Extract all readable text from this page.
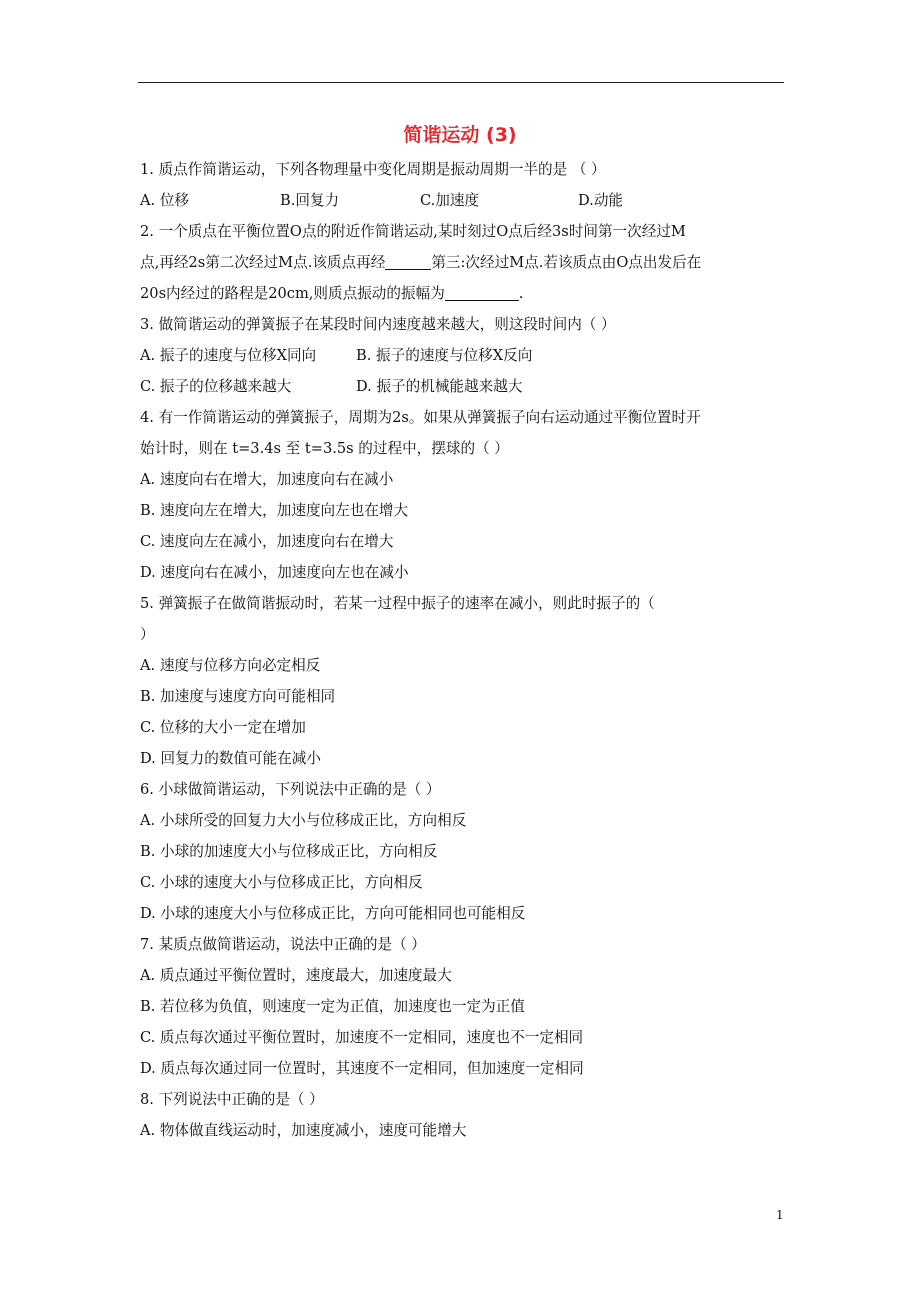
简谐运动 (3)
1. 质点作简谐运动，下列各物理量中变化周期是振动周期一半的是 （ ）
A. 位移	B.回复力	C.加速度	D.动能
2. 一个质点在平衡位置O点的附近作简谐运动,某时刻过O点后经3s时间第一次经过M
点,再经2s第二次经过M点.该质点再经	第三:次经过M点.若该质点由O点出发后在
20s内经过的路程是20cm,则质点振动的振幅为	.
3. 做简谐运动的弹簧振子在某段时间内速度越来越大，则这段时间内（ ）
A. 振子的速度与位移X同向	B. 振子的速度与位移X反向
C. 振子的位移越来越大	D. 振子的机械能越来越大
4. 有一作简谐运动的弹簧振子，周期为2s。如果从弹簧振子向右运动通过平衡位置时开
始计时，则在 t=3.4s 至 t=3.5s 的过程中，摆球的（ ）
A. 速度向右在增大，加速度向右在减小
B. 速度向左在增大，加速度向左也在增大
C. 速度向左在减小，加速度向右在增大
D. 速度向右在减小，加速度向左也在减小
5. 弹簧振子在做简谐振动时，若某一过程中振子的速率在减小，则此时振子的（
）
A. 速度与位移方向必定相反
B. 加速度与速度方向可能相同
C. 位移的大小一定在增加
D. 回复力的数值可能在减小
6. 小球做简谐运动，下列说法中正确的是（ ）
A. 小球所受的回复力大小与位移成正比，方向相反
B. 小球的加速度大小与位移成正比，方向相反
C. 小球的速度大小与位移成正比，方向相反
D. 小球的速度大小与位移成正比，方向可能相同也可能相反
7. 某质点做简谐运动，说法中正确的是（ ）
A. 质点通过平衡位置时，速度最大，加速度最大
B. 若位移为负值，则速度一定为正值，加速度也一定为正值
C. 质点每次通过平衡位置时，加速度不一定相同，速度也不一定相同
D. 质点每次通过同一位置时，其速度不一定相同，但加速度一定相同
8. 下列说法中正确的是（ ）
A. 物体做直线运动时，加速度减小，速度可能增大
1
